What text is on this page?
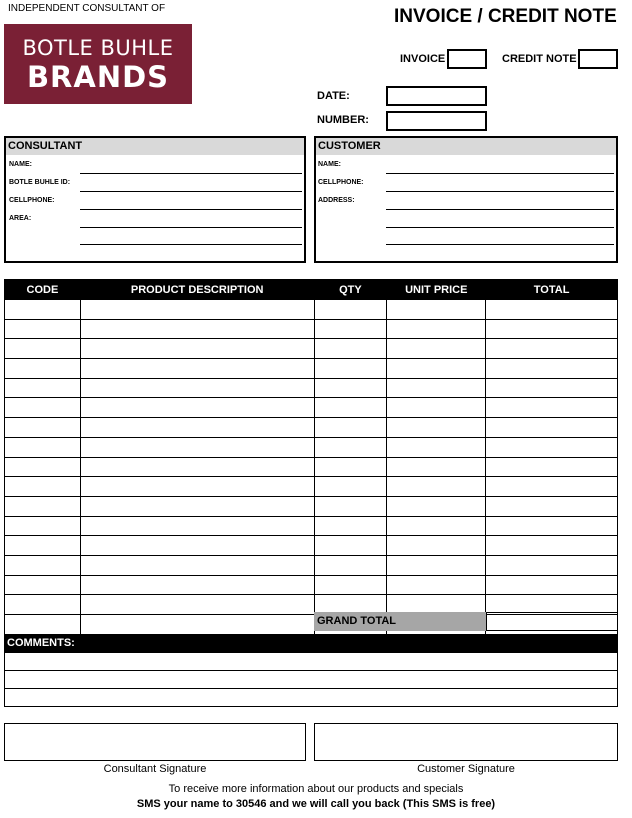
INDEPENDENT CONSULTANT OF
BOTLE BUHLE
BRANDS
INVOICE / CREDIT NOTE
INVOICE	CREDIT NOTE
DATE:
NUMBER:
CONSULTANT
NAME:
BOTLE BUHLE ID:
CELLPHONE:
AREA:
CUSTOMER
NAME:
CELLPHONE:
ADDRESS:
CODE	PRODUCT DESCRIPTION	QTY	UNIT PRICE	TOTAL

GRAND TOTAL
COMMENTS:
Consultant Signature	Customer Signature
To receive more information about our products and specials
SMS your name to 30546 and we will call you back (This SMS is free)
